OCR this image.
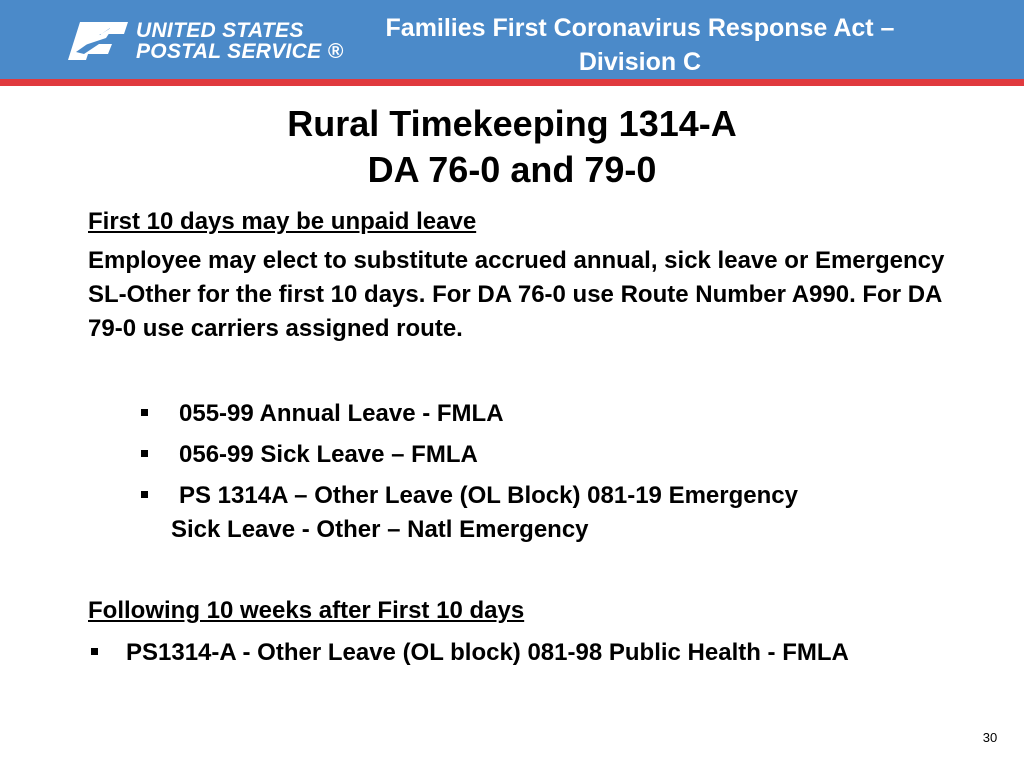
UNITED STATES
POSTAL SERVICE ®
Families First Coronavirus Response Act –
Division C
Rural Timekeeping 1314-A
DA 76-0 and 79-0

First 10 days may be unpaid leave

Employee may elect to substitute accrued annual, sick leave or Emergency SL-Other for the first 10 days. For DA 76-0 use Route Number A990. For DA 79-0 use carriers assigned route.

055-99 Annual Leave - FMLA
056-99 Sick Leave – FMLA
PS 1314A – Other Leave (OL Block) 081-19 Emergency
Sick Leave - Other – Natl Emergency

Following 10 weeks after First 10 days

PS1314-A - Other Leave (OL block) 081-98 Public Health - FMLA
30
